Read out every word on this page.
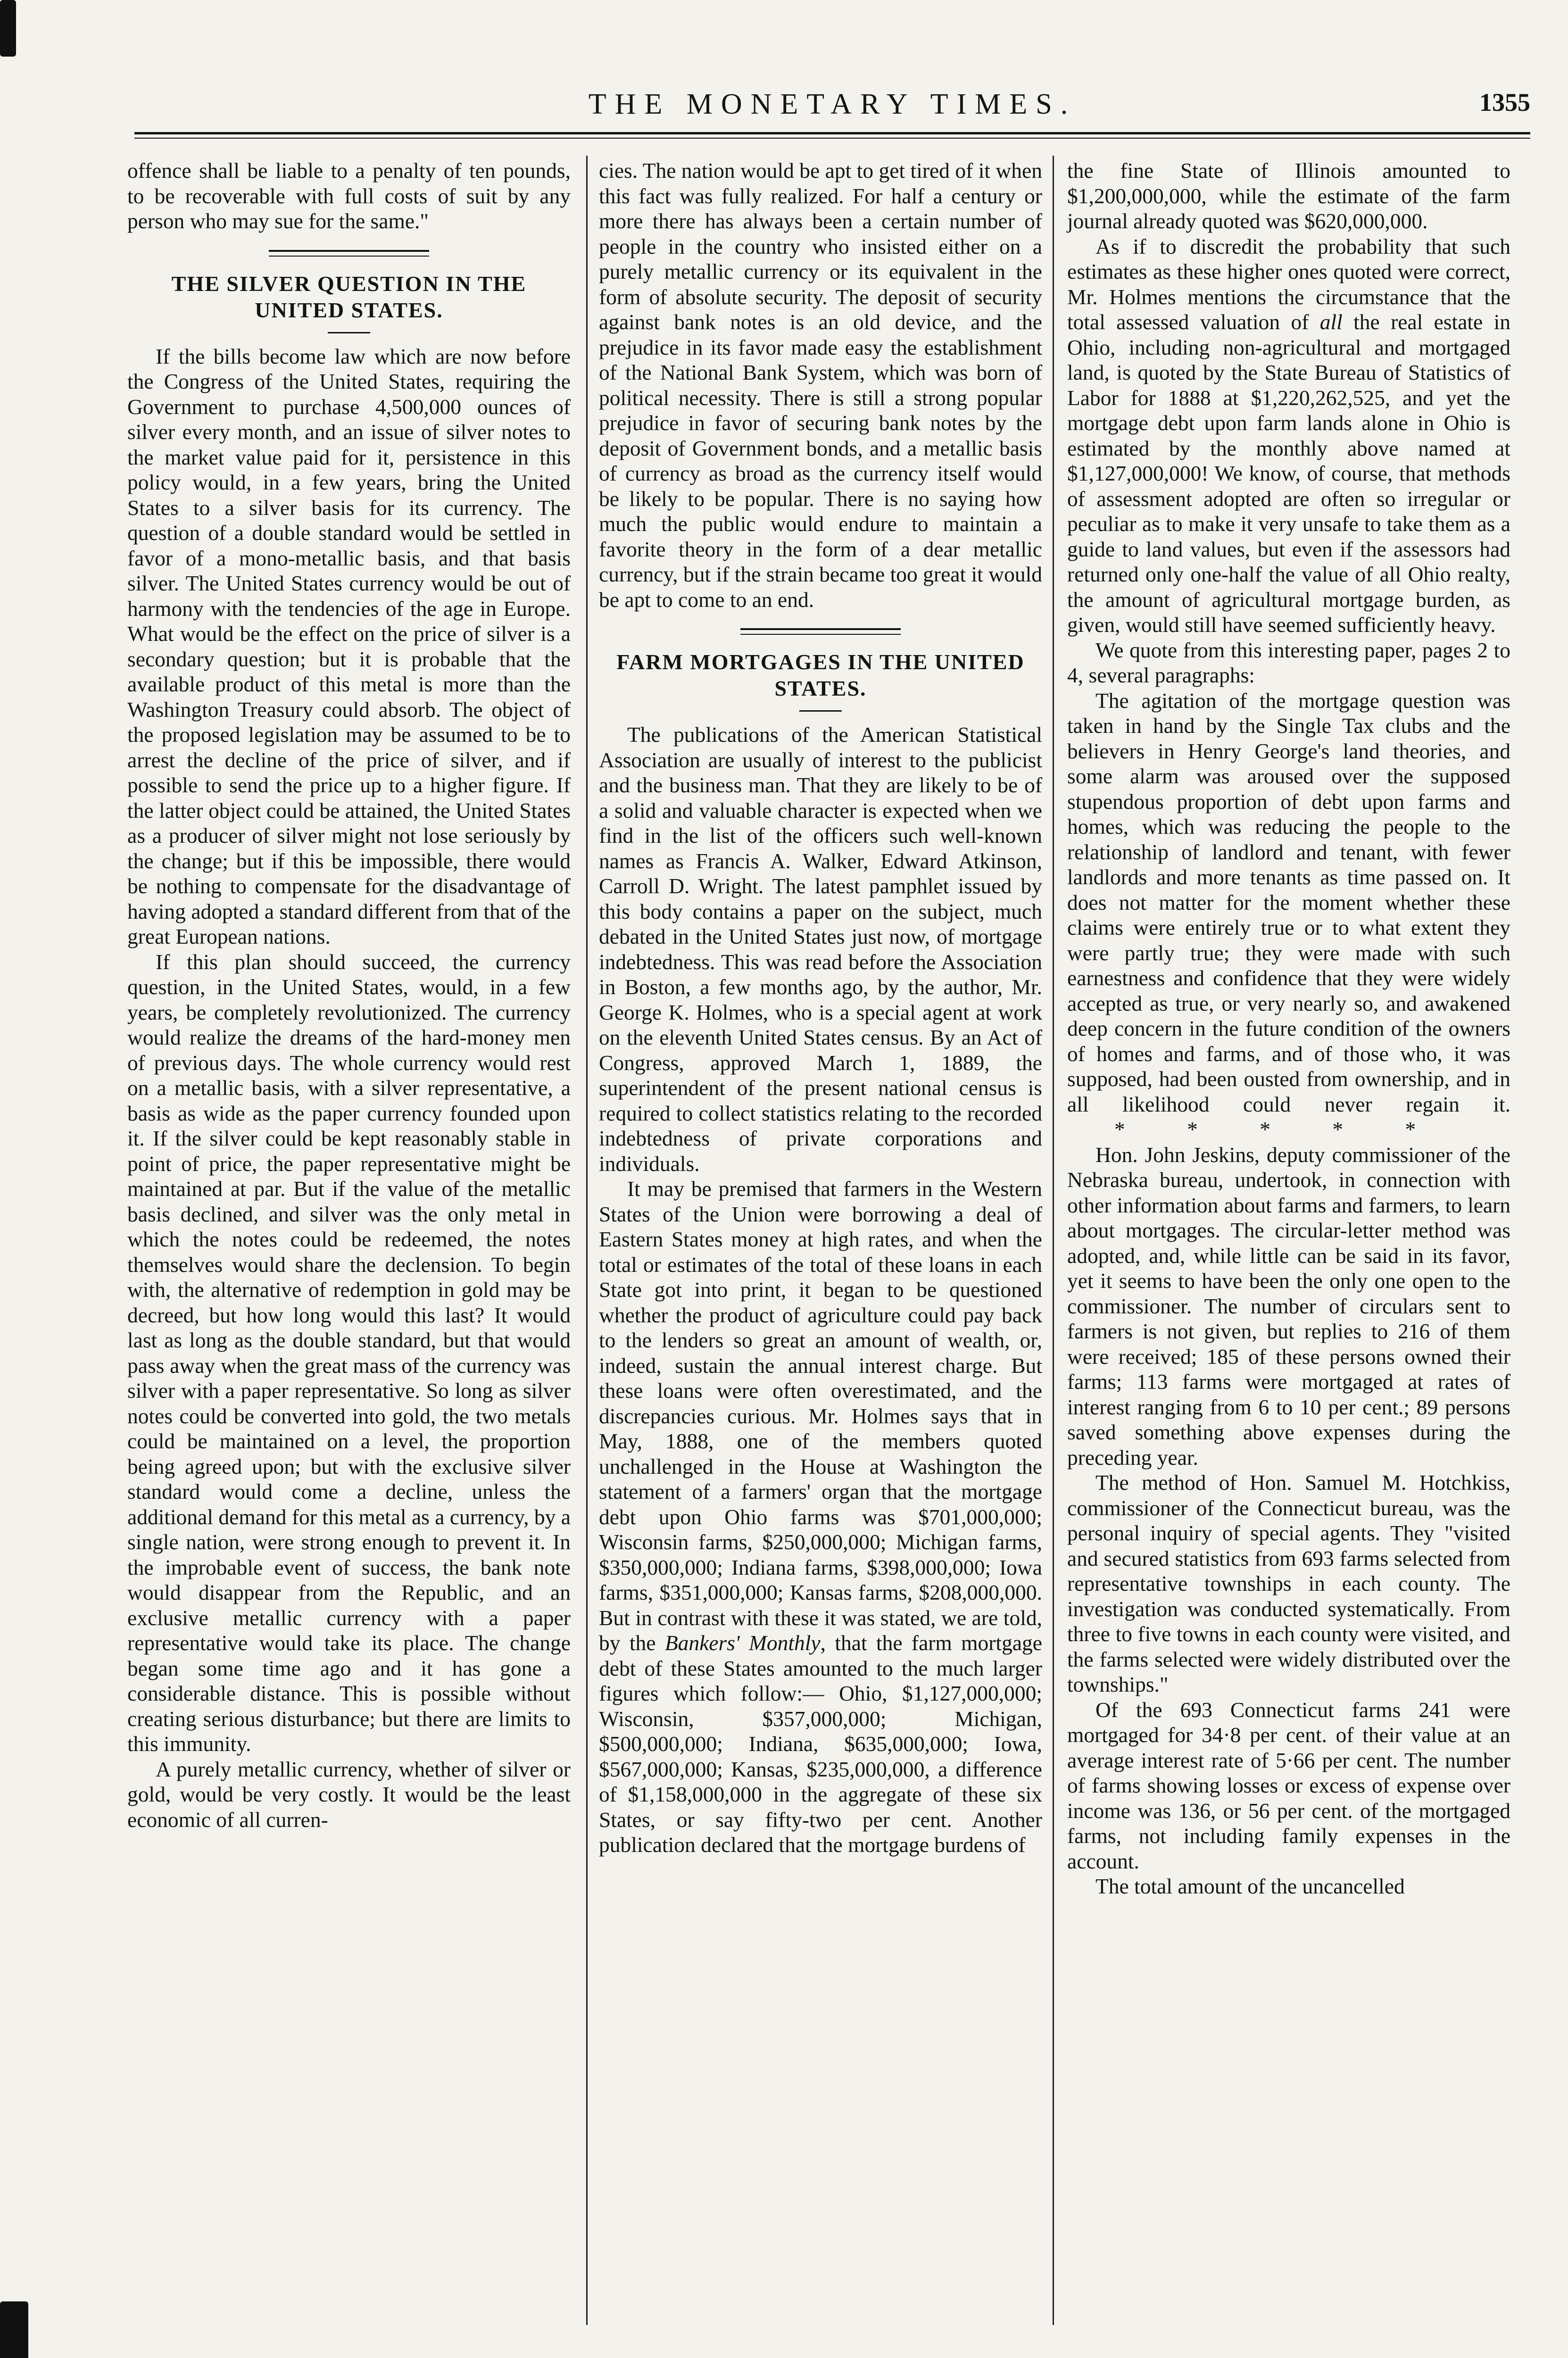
THE MONETARY TIMES.	1355

offence shall be liable to a penalty of ten pounds, to be recoverable with full costs of suit by any person who may sue for the same."

THE SILVER QUESTION IN THE UNITED STATES.

If the bills become law which are now before the Congress of the United States, requiring the Government to purchase 4,500,000 ounces of silver every month, and an issue of silver notes to the market value paid for it, persistence in this policy would, in a few years, bring the United States to a silver basis for its currency. The question of a double standard would be settled in favor of a mono-metallic basis, and that basis silver. The United States currency would be out of harmony with the tendencies of the age in Europe. What would be the effect on the price of silver is a secondary question; but it is probable that the available product of this metal is more than the Washington Treasury could absorb. The object of the proposed legislation may be assumed to be to arrest the decline of the price of silver, and if possible to send the price up to a higher figure. If the latter object could be attained, the United States as a producer of silver might not lose seriously by the change; but if this be impossible, there would be nothing to compensate for the disadvantage of having adopted a standard different from that of the great European nations.

If this plan should succeed, the currency question, in the United States, would, in a few years, be completely revolutionized. The currency would realize the dreams of the hard-money men of previous days. The whole currency would rest on a metallic basis, with a silver representative, a basis as wide as the paper currency founded upon it. If the silver could be kept reasonably stable in point of price, the paper representative might be maintained at par. But if the value of the metallic basis declined, and silver was the only metal in which the notes could be redeemed, the notes themselves would share the declension. To begin with, the alternative of redemption in gold may be decreed, but how long would this last? It would last as long as the double standard, but that would pass away when the great mass of the currency was silver with a paper representative. So long as silver notes could be converted into gold, the two metals could be maintained on a level, the proportion being agreed upon; but with the exclusive silver standard would come a decline, unless the additional demand for this metal as a currency, by a single nation, were strong enough to prevent it. In the improbable event of success, the bank note would disappear from the Republic, and an exclusive metallic currency with a paper representative would take its place. The change began some time ago and it has gone a considerable distance. This is possible without creating serious disturbance; but there are limits to this immunity.

A purely metallic currency, whether of silver or gold, would be very costly. It would be the least economic of all curren-

cies. The nation would be apt to get tired of it when this fact was fully realized. For half a century or more there has always been a certain number of people in the country who insisted either on a purely metallic currency or its equivalent in the form of absolute security. The deposit of security against bank notes is an old device, and the prejudice in its favor made easy the establishment of the National Bank System, which was born of political necessity. There is still a strong popular prejudice in favor of securing bank notes by the deposit of Government bonds, and a metallic basis of currency as broad as the currency itself would be likely to be popular. There is no saying how much the public would endure to maintain a favorite theory in the form of a dear metallic currency, but if the strain became too great it would be apt to come to an end.

FARM MORTGAGES IN THE UNITED STATES.

The publications of the American Statistical Association are usually of interest to the publicist and the business man. That they are likely to be of a solid and valuable character is expected when we find in the list of the officers such well-known names as Francis A. Walker, Edward Atkinson, Carroll D. Wright. The latest pamphlet issued by this body contains a paper on the subject, much debated in the United States just now, of mortgage indebtedness. This was read before the Association in Boston, a few months ago, by the author, Mr. George K. Holmes, who is a special agent at work on the eleventh United States census. By an Act of Congress, approved March 1, 1889, the superintendent of the present national census is required to collect statistics relating to the recorded indebtedness of private corporations and individuals.

It may be premised that farmers in the Western States of the Union were borrowing a deal of Eastern States money at high rates, and when the total or estimates of the total of these loans in each State got into print, it began to be questioned whether the product of agriculture could pay back to the lenders so great an amount of wealth, or, indeed, sustain the annual interest charge. But these loans were often overestimated, and the discrepancies curious. Mr. Holmes says that in May, 1888, one of the members quoted unchallenged in the House at Washington the statement of a farmers' organ that the mortgage debt upon Ohio farms was $701,000,000; Wisconsin farms, $250,000,000; Michigan farms, $350,000,000; Indiana farms, $398,000,000; Iowa farms, $351,000,000; Kansas farms, $208,000,000. But in contrast with these it was stated, we are told, by the Bankers' Monthly, that the farm mortgage debt of these States amounted to the much larger figures which follow:— Ohio, $1,127,000,000; Wisconsin, $357,000,000; Michigan, $500,000,000; Indiana, $635,000,000; Iowa, $567,000,000; Kansas, $235,000,000, a difference of $1,158,000,000 in the aggregate of these six States, or say fifty-two per cent. Another publication declared that the mortgage burdens of

the fine State of Illinois amounted to $1,200,000,000, while the estimate of the farm journal already quoted was $620,000,000.

As if to discredit the probability that such estimates as these higher ones quoted were correct, Mr. Holmes mentions the circumstance that the total assessed valuation of all the real estate in Ohio, including non-agricultural and mortgaged land, is quoted by the State Bureau of Statistics of Labor for 1888 at $1,220,262,525, and yet the mortgage debt upon farm lands alone in Ohio is estimated by the monthly above named at $1,127,000,000! We know, of course, that methods of assessment adopted are often so irregular or peculiar as to make it very unsafe to take them as a guide to land values, but even if the assessors had returned only one-half the value of all Ohio realty, the amount of agricultural mortgage burden, as given, would still have seemed sufficiently heavy.

We quote from this interesting paper, pages 2 to 4, several paragraphs:

The agitation of the mortgage question was taken in hand by the Single Tax clubs and the believers in Henry George's land theories, and some alarm was aroused over the supposed stupendous proportion of debt upon farms and homes, which was reducing the people to the relationship of landlord and tenant, with fewer landlords and more tenants as time passed on. It does not matter for the moment whether these claims were entirely true or to what extent they were partly true; they were made with such earnestness and confidence that they were widely accepted as true, or very nearly so, and awakened deep concern in the future condition of the owners of homes and farms, and of those who, it was supposed, had been ousted from ownership, and in all likelihood could never regain it.* * * * *

Hon. John Jeskins, deputy commissioner of the Nebraska bureau, undertook, in connection with other information about farms and farmers, to learn about mortgages. The circular-letter method was adopted, and, while little can be said in its favor, yet it seems to have been the only one open to the commissioner. The number of circulars sent to farmers is not given, but replies to 216 of them were received; 185 of these persons owned their farms; 113 farms were mortgaged at rates of interest ranging from 6 to 10 per cent.; 89 persons saved something above expenses during the preceding year.

The method of Hon. Samuel M. Hotchkiss, commissioner of the Connecticut bureau, was the personal inquiry of special agents. They "visited and secured statistics from 693 farms selected from representative townships in each county. The investigation was conducted systematically. From three to five towns in each county were visited, and the farms selected were widely distributed over the townships."

Of the 693 Connecticut farms 241 were mortgaged for 34·8 per cent. of their value at an average interest rate of 5·66 per cent. The number of farms showing losses or excess of expense over income was 136, or 56 per cent. of the mortgaged farms, not including family expenses in the account.

The total amount of the uncancelled
